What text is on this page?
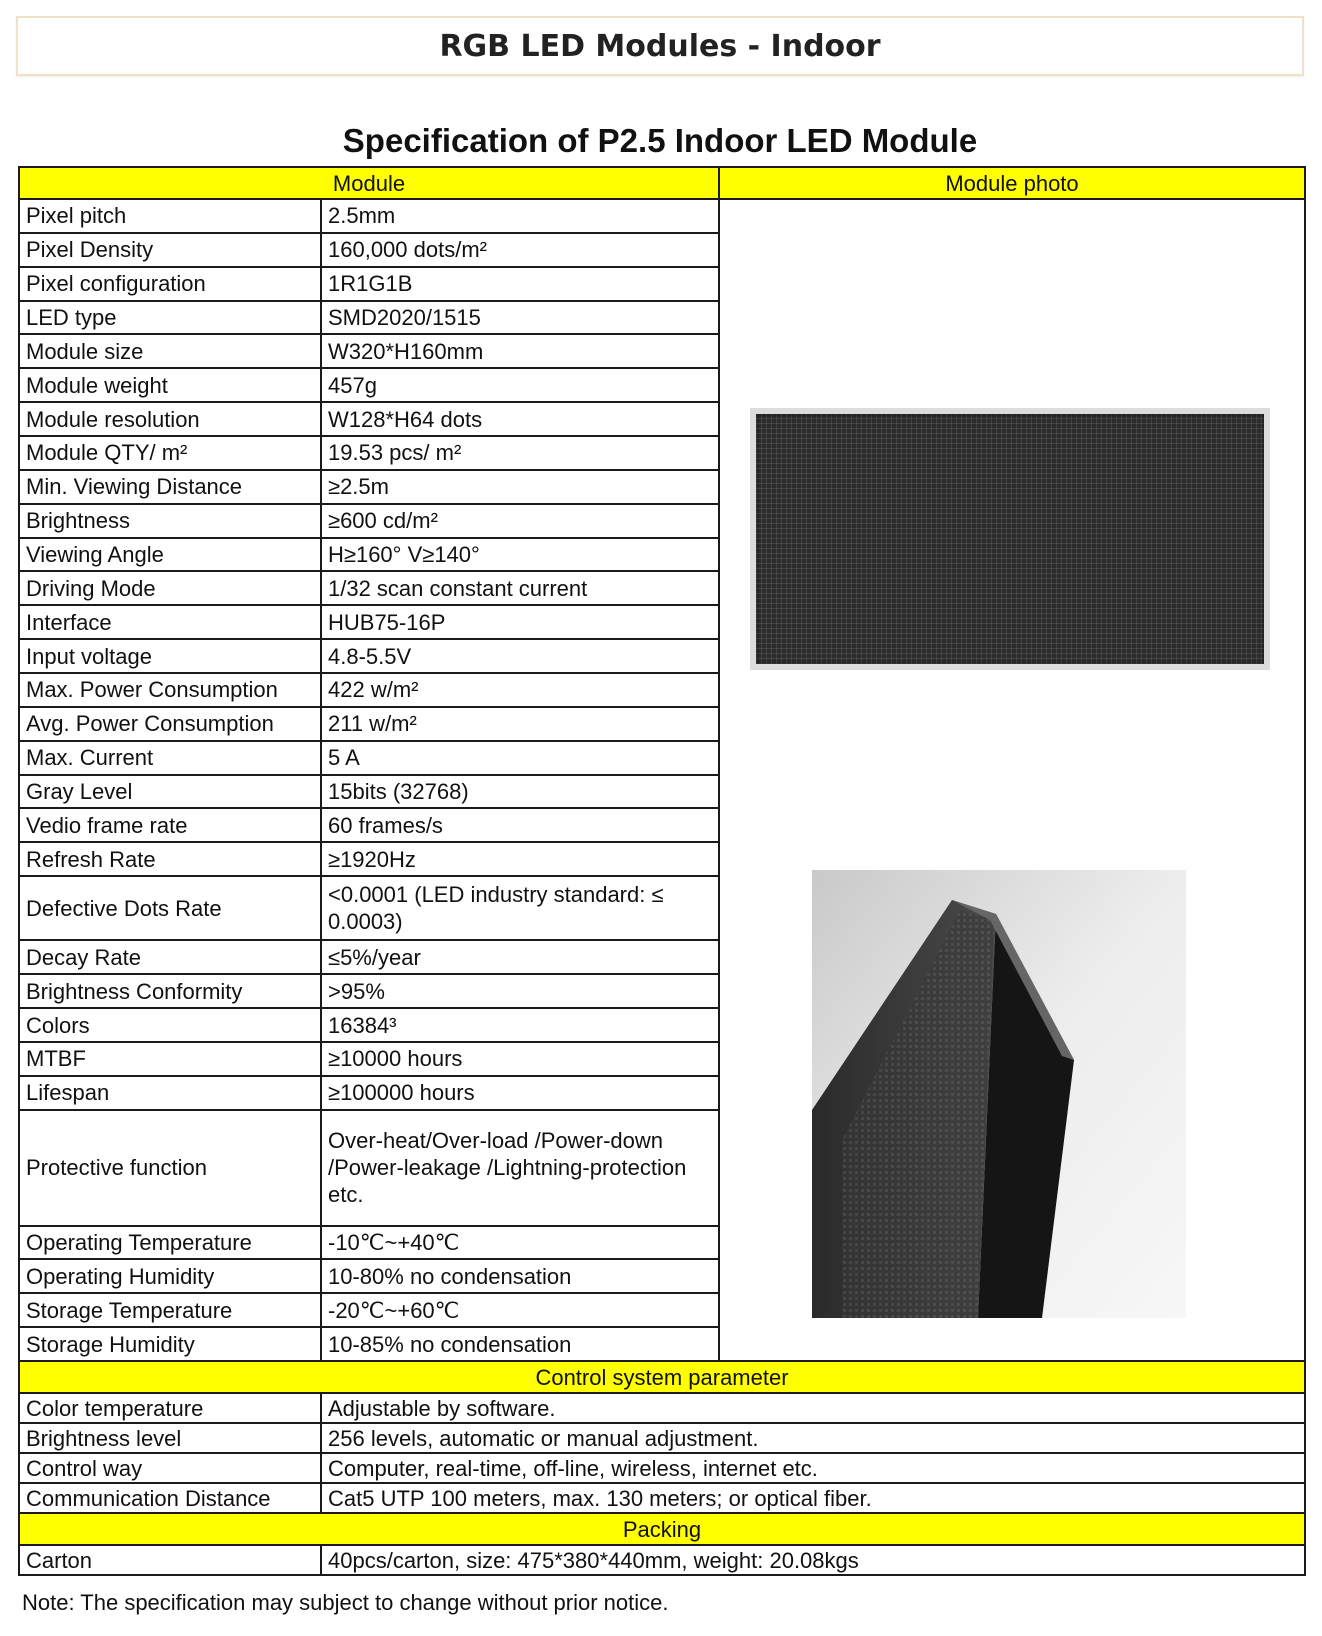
RGB LED Modules - Indoor
Specification of P2.5 Indoor LED Module
Module		Module photo
Pixel pitch	2.5mm	

Pixel Density	160,000 dots/m²	
Pixel configuration	1R1G1B	
LED type	SMD2020/1515	
Module size	W320*H160mm	
Module weight	457g	
Module resolution	W128*H64 dots	
Module QTY/ m²	19.53 pcs/ m²	
Min. Viewing Distance	≥2.5m	
Brightness	≥600 cd/m²	
Viewing Angle	H≥160° V≥140°	
Driving Mode	1/32 scan constant current	
Interface	HUB75-16P	
Input voltage	4.8-5.5V	
Max. Power Consumption	422 w/m²	
Avg. Power Consumption	211 w/m²	
Max. Current	5 A	
Gray Level	15bits (32768)	
Vedio frame rate	60 frames/s	
Refresh Rate	≥1920Hz	
Defective Dots Rate	<0.0001 (LED industry standard: ≤ 0.0003)	
Decay Rate	≤5%/year	
Brightness Conformity	>95%	
Colors	16384³	
MTBF	≥10000 hours	
Lifespan	≥100000 hours	
Protective function	Over-heat/Over-load /Power-down /Power-leakage /Lightning-protection etc.	
Operating Temperature	-10℃~+40℃	
Operating Humidity	10-80% no condensation	
Storage Temperature	-20℃~+60℃	
Storage Humidity	10-85% no condensation	
Control system parameter		
Color temperature	Adjustable by software.	
Brightness level	256 levels, automatic or manual adjustment.	
Control way	Computer, real-time, off-line, wireless, internet etc.	
Communication Distance	Cat5 UTP 100 meters, max. 130 meters; or optical fiber.	
Packing		
Carton	40pcs/carton, size: 475*380*440mm, weight: 20.08kgs	
Note: The specification may subject to change without prior notice.
